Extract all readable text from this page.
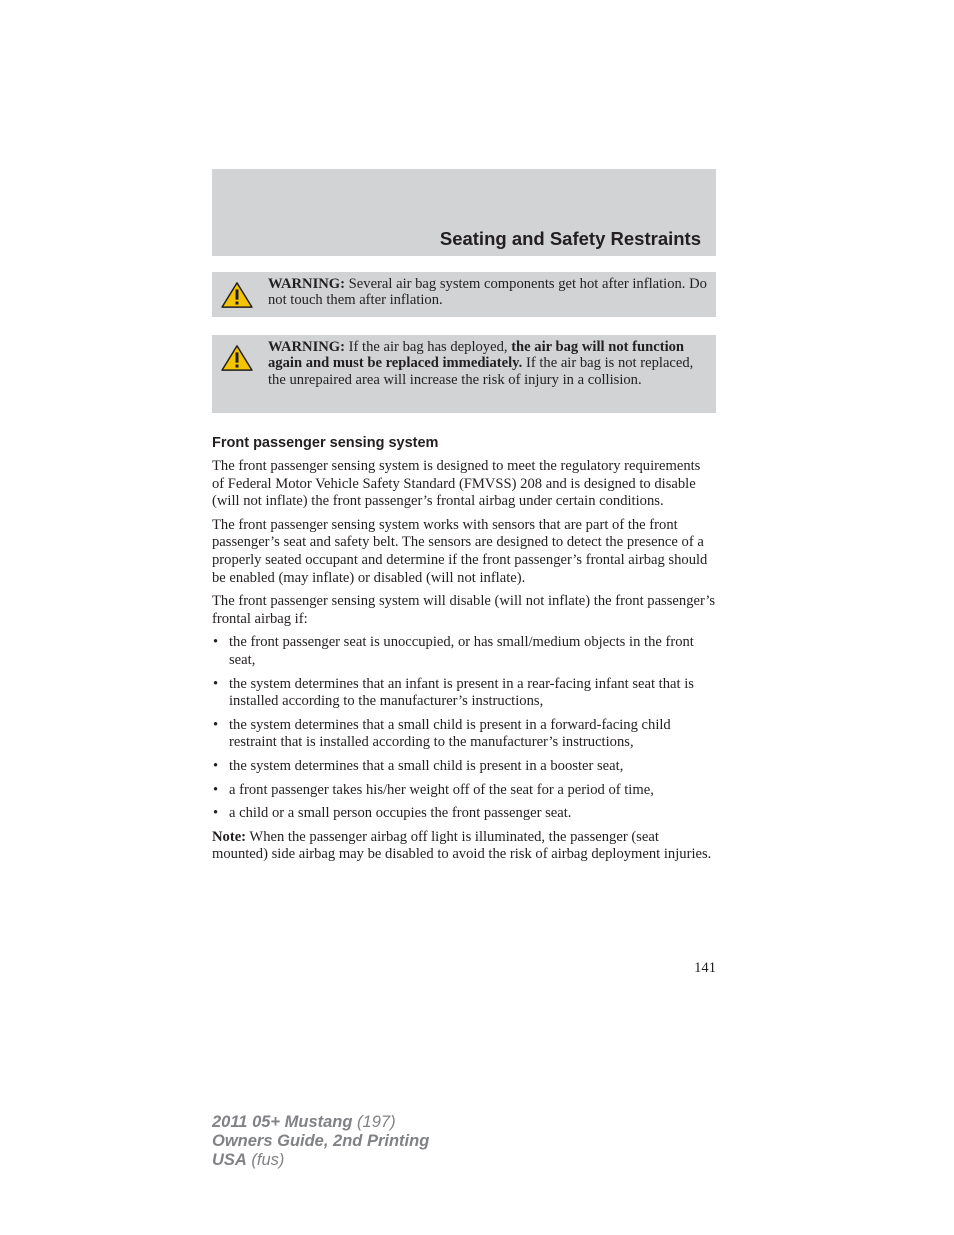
Seating and Safety Restraints
WARNING: Several air bag system components get hot after inflation. Do not touch them after inflation.
WARNING: If the air bag has deployed, the air bag will not function again and must be replaced immediately. If the air bag is not replaced, the unrepaired area will increase the risk of injury in a collision.
Front passenger sensing system

The front passenger sensing system is designed to meet the regulatory requirements of Federal Motor Vehicle Safety Standard (FMVSS) 208 and is designed to disable (will not inflate) the front passenger’s frontal airbag under certain conditions.

The front passenger sensing system works with sensors that are part of the front passenger’s seat and safety belt. The sensors are designed to detect the presence of a properly seated occupant and determine if the front passenger’s frontal airbag should be enabled (may inflate) or disabled (will not inflate).

The front passenger sensing system will disable (will not inflate) the front passenger’s frontal airbag if:

• the front passenger seat is unoccupied, or has small/medium objects in the front seat,
• the system determines that an infant is present in a rear-facing infant seat that is installed according to the manufacturer’s instructions,
• the system determines that a small child is present in a forward-facing child restraint that is installed according to the manufacturer’s instructions,
• the system determines that a small child is present in a booster seat,
• a front passenger takes his/her weight off of the seat for a period of time,
• a child or a small person occupies the front passenger seat.

Note: When the passenger airbag off light is illuminated, the passenger (seat mounted) side airbag may be disabled to avoid the risk of airbag deployment injuries.

141
2011 05+ Mustang (197)
Owners Guide, 2nd Printing
USA (fus)
